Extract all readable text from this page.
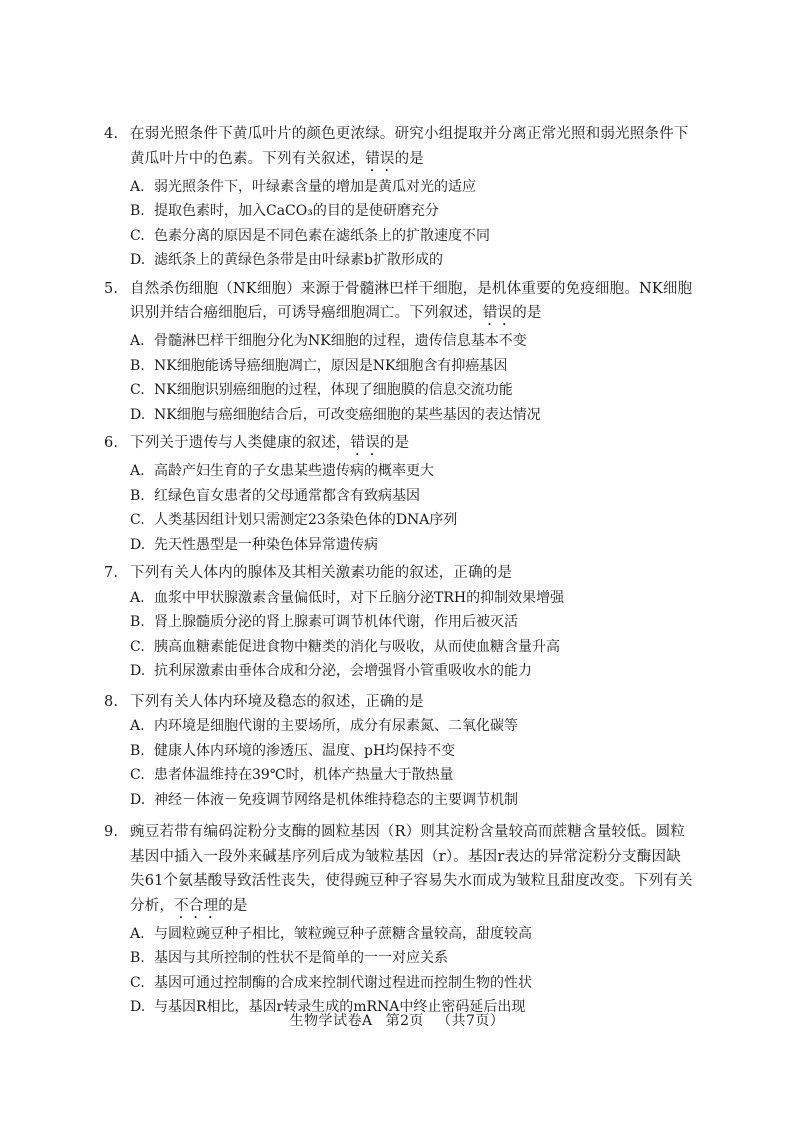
4. 在弱光照条件下黄瓜叶片的颜色更浓绿。研究小组提取并分离正常光照和弱光照条件下黄瓜叶片中的色素。下列有关叙述，错误的是

A. 弱光照条件下，叶绿素含量的增加是黄瓜对光的适应

B. 提取色素时，加入CaCO₃的目的是使研磨充分

C. 色素分离的原因是不同色素在滤纸条上的扩散速度不同

D. 滤纸条上的黄绿色条带是由叶绿素b扩散形成的

5. 自然杀伤细胞（NK细胞）来源于骨髓淋巴样干细胞，是机体重要的免疫细胞。NK细胞识别并结合癌细胞后，可诱导癌细胞凋亡。下列叙述，错误的是

A. 骨髓淋巴样干细胞分化为NK细胞的过程，遗传信息基本不变

B. NK细胞能诱导癌细胞凋亡，原因是NK细胞含有抑癌基因

C. NK细胞识别癌细胞的过程，体现了细胞膜的信息交流功能

D. NK细胞与癌细胞结合后，可改变癌细胞的某些基因的表达情况

6. 下列关于遗传与人类健康的叙述，错误的是

A. 高龄产妇生育的子女患某些遗传病的概率更大

B. 红绿色盲女患者的父母通常都含有致病基因

C. 人类基因组计划只需测定23条染色体的DNA序列

D. 先天性愚型是一种染色体异常遗传病

7. 下列有关人体内的腺体及其相关激素功能的叙述，正确的是

A. 血浆中甲状腺激素含量偏低时，对下丘脑分泌TRH的抑制效果增强

B. 肾上腺髓质分泌的肾上腺素可调节机体代谢，作用后被灭活

C. 胰高血糖素能促进食物中糖类的消化与吸收，从而使血糖含量升高

D. 抗利尿激素由垂体合成和分泌，会增强肾小管重吸收水的能力

8. 下列有关人体内环境及稳态的叙述，正确的是

A. 内环境是细胞代谢的主要场所，成分有尿素氮、二氧化碳等

B. 健康人体内环境的渗透压、温度、pH均保持不变

C. 患者体温维持在39℃时，机体产热量大于散热量

D. 神经－体液－免疫调节网络是机体维持稳态的主要调节机制

9. 豌豆若带有编码淀粉分支酶的圆粒基因（R）则其淀粉含量较高而蔗糖含量较低。圆粒基因中插入一段外来碱基序列后成为皱粒基因（r）。基因r表达的异常淀粉分支酶因缺失61个氨基酸导致活性丧失，使得豌豆种子容易失水而成为皱粒且甜度改变。下列有关分析，不合理的是

A. 与圆粒豌豆种子相比，皱粒豌豆种子蔗糖含量较高，甜度较高

B. 基因与其所控制的性状不是简单的一一对应关系

C. 基因可通过控制酶的合成来控制代谢过程进而控制生物的性状

D. 与基因R相比，基因r转录生成的mRNA中终止密码延后出现

生物学试卷A 第2页 （共7页）
